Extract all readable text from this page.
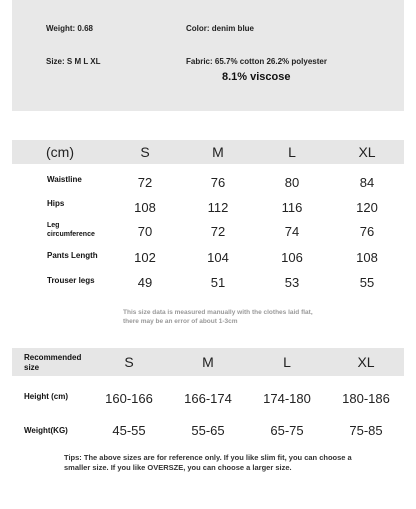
Weight: 0.68	Color: denim blue
Size: S M L XL	Fabric: 65.7% cotton 26.2% polyester
8.1% viscose
(cm)	S	M	L	XL
Waistline	72	76	80	84
Hips	108	112	116	120
Leg
circumference	70	72	74	76
Pants Length	102	104	106	108
Trouser legs	49	51	53	55
This size data is measured manually with the clothes laid flat,
there may be an error of about 1-3cm
Recommended
size	S	M	L	XL
Height (cm)	160-166 166-174 174-180 180-186
Weight(KG)	45-55	55-65	65-75	75-85
Tips: The above sizes are for reference only. If you like slim fit, you can choose a
smaller size. If you like OVERSZE, you can choose a larger size.
